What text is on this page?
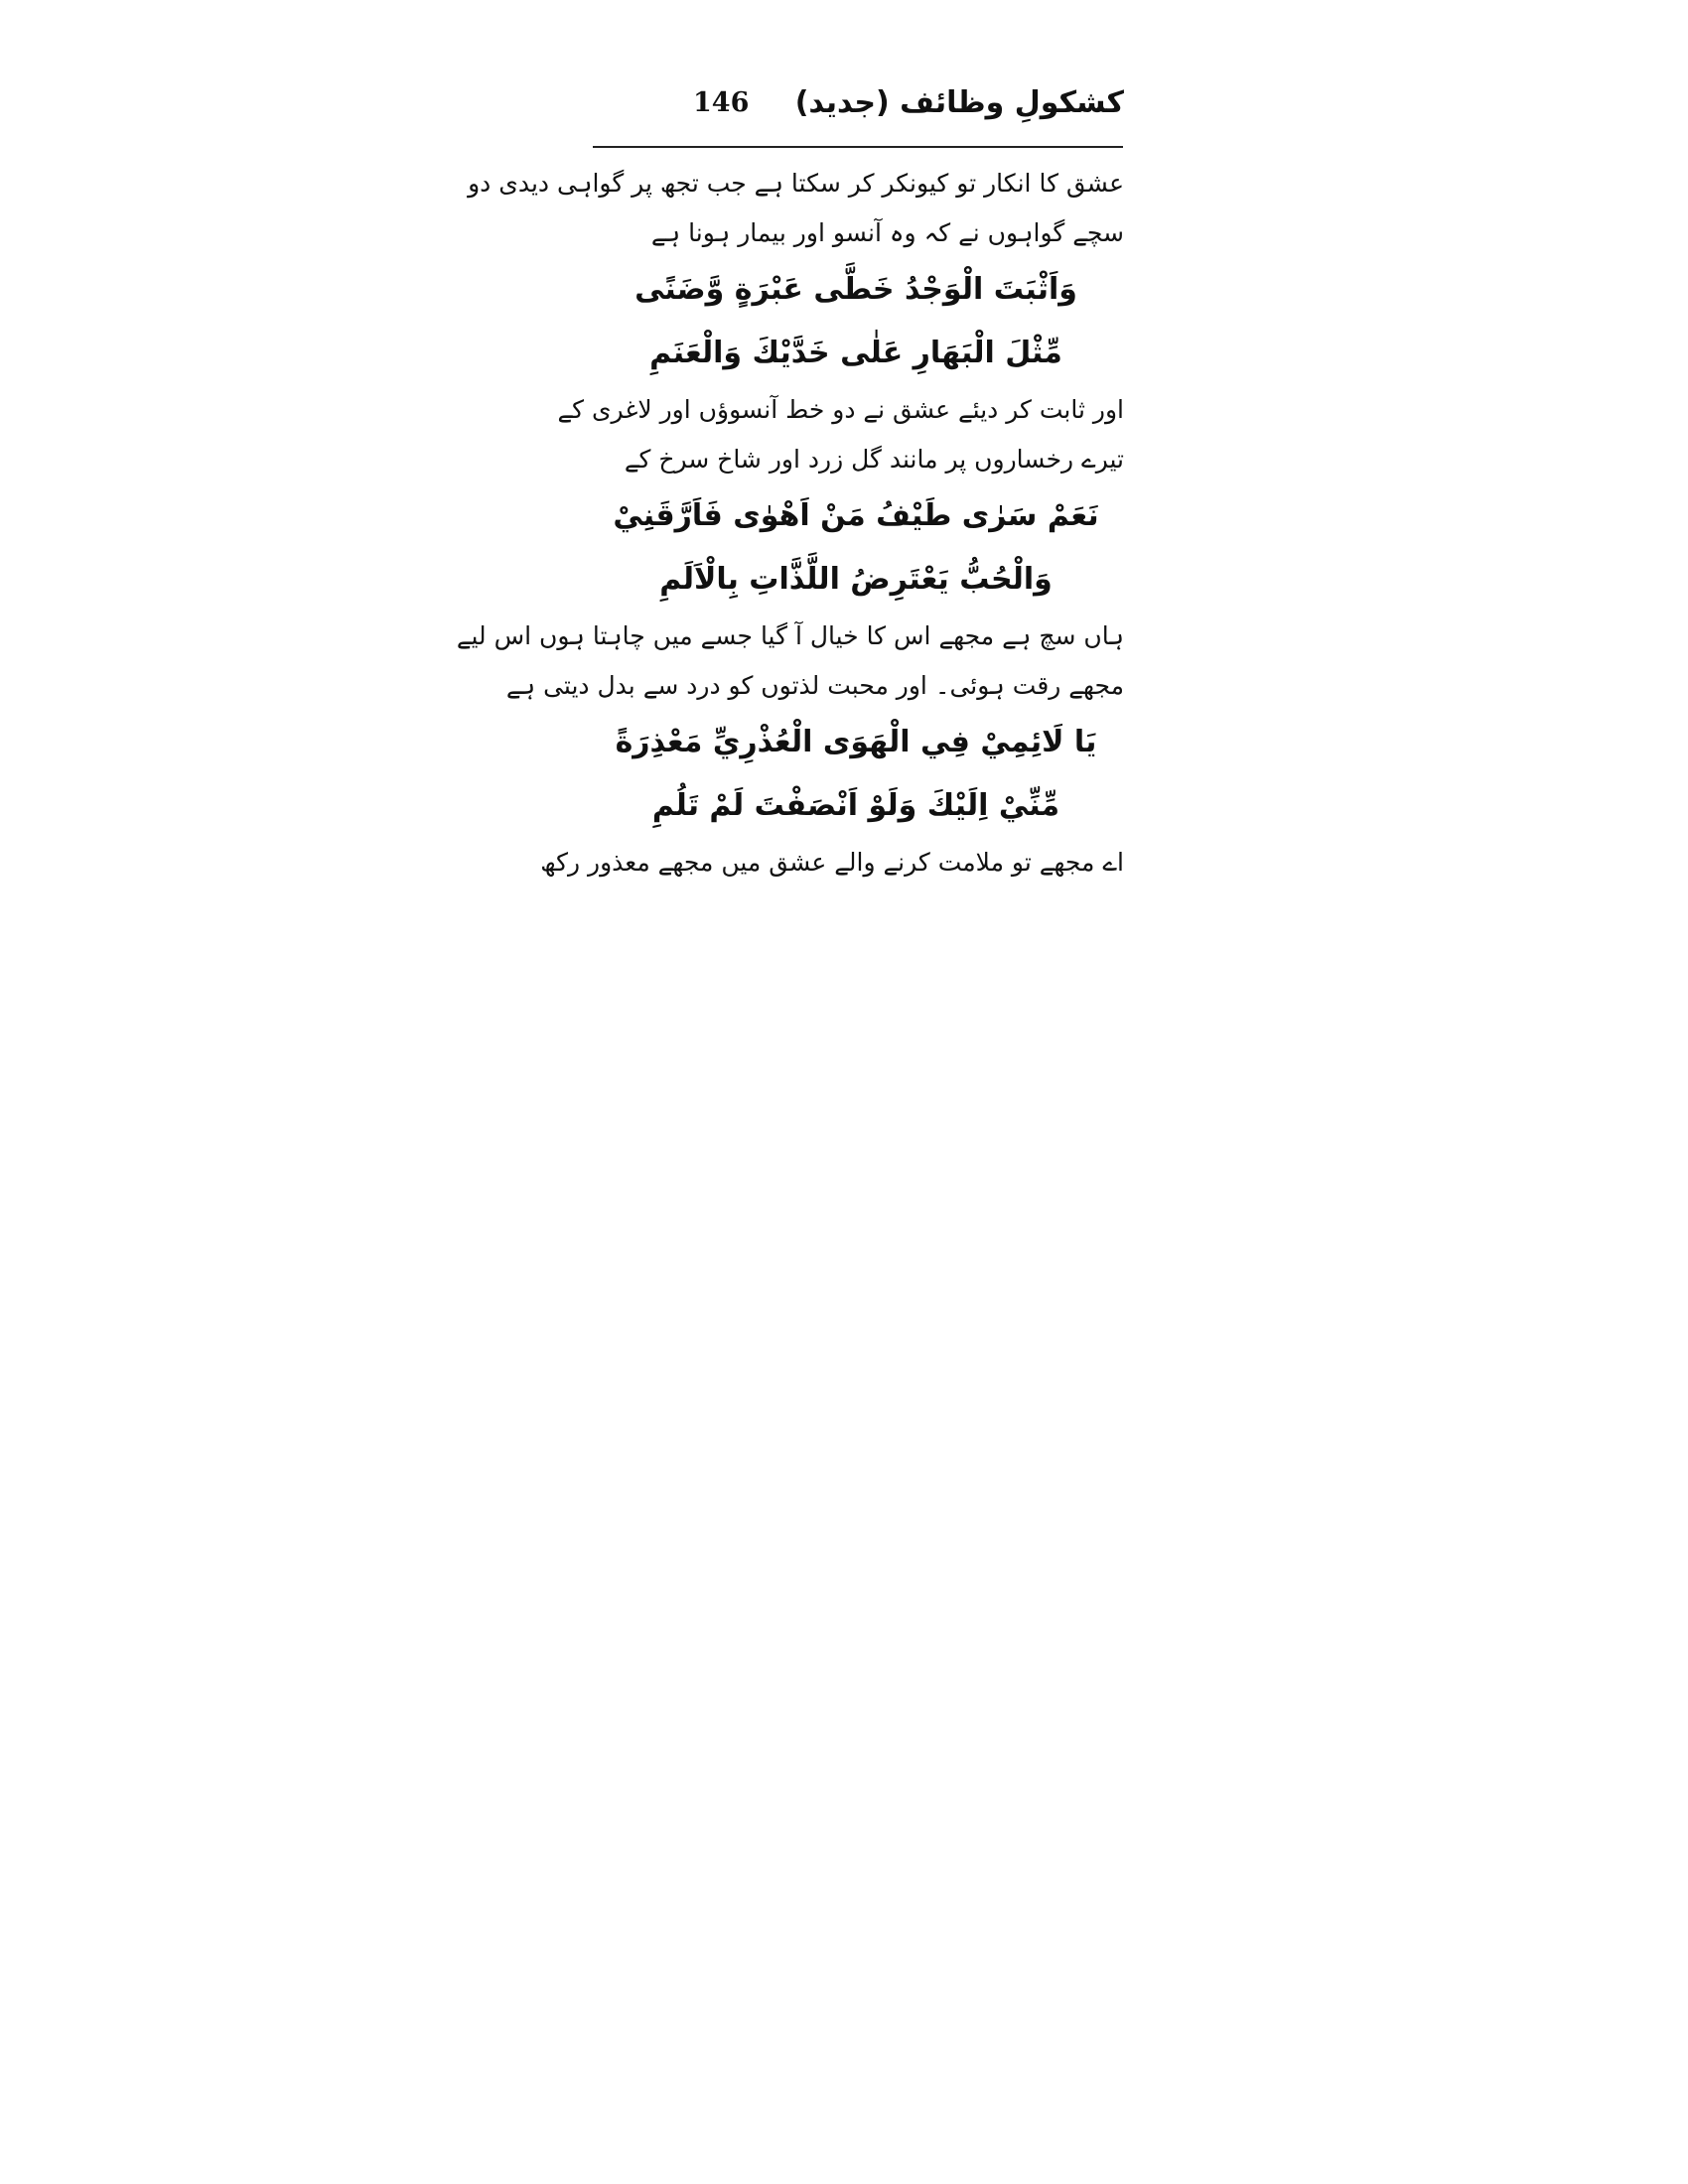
کشکولِ وظائف (جدید)
146
عشق کا انکار تو کیونکر کر سکتا ہے جب تجھ پر گواہی دیدی دو
سچے گواہوں نے کہ وہ آنسو اور بیمار ہونا ہے
وَاَثْبَتَ الْوَجْدُ خَطَّی عَبْرَةٍ وَّضَنًى
مِّثْلَ الْبَهَارِ عَلٰى خَدَّيْكَ وَالْعَنَمِ
اور ثابت کر دیئے عشق نے دو خط آنسوؤں اور لاغری کے
تیرے رخساروں پر مانند گل زرد اور شاخ سرخ کے
نَعَمْ سَرٰى طَيْفُ مَنْ اَهْوٰى فَاَرَّقَنِيْ
وَالْحُبُّ يَعْتَرِضُ اللَّذَّاتِ بِالْاَلَمِ
ہاں سچ ہے مجھے اس کا خیال آ گیا جسے میں چاہتا ہوں اس لیے
مجھے رقت ہوئی۔ اور محبت لذتوں کو درد سے بدل دیتی ہے
يَا لَائِمِيْ فِي الْهَوَى الْعُذْرِيِّ مَعْذِرَةً
مِّنِّيْ اِلَيْكَ وَلَوْ اَنْصَفْتَ لَمْ تَلُمِ
اے مجھے تو ملامت کرنے والے عشق میں مجھے معذور رکھ
